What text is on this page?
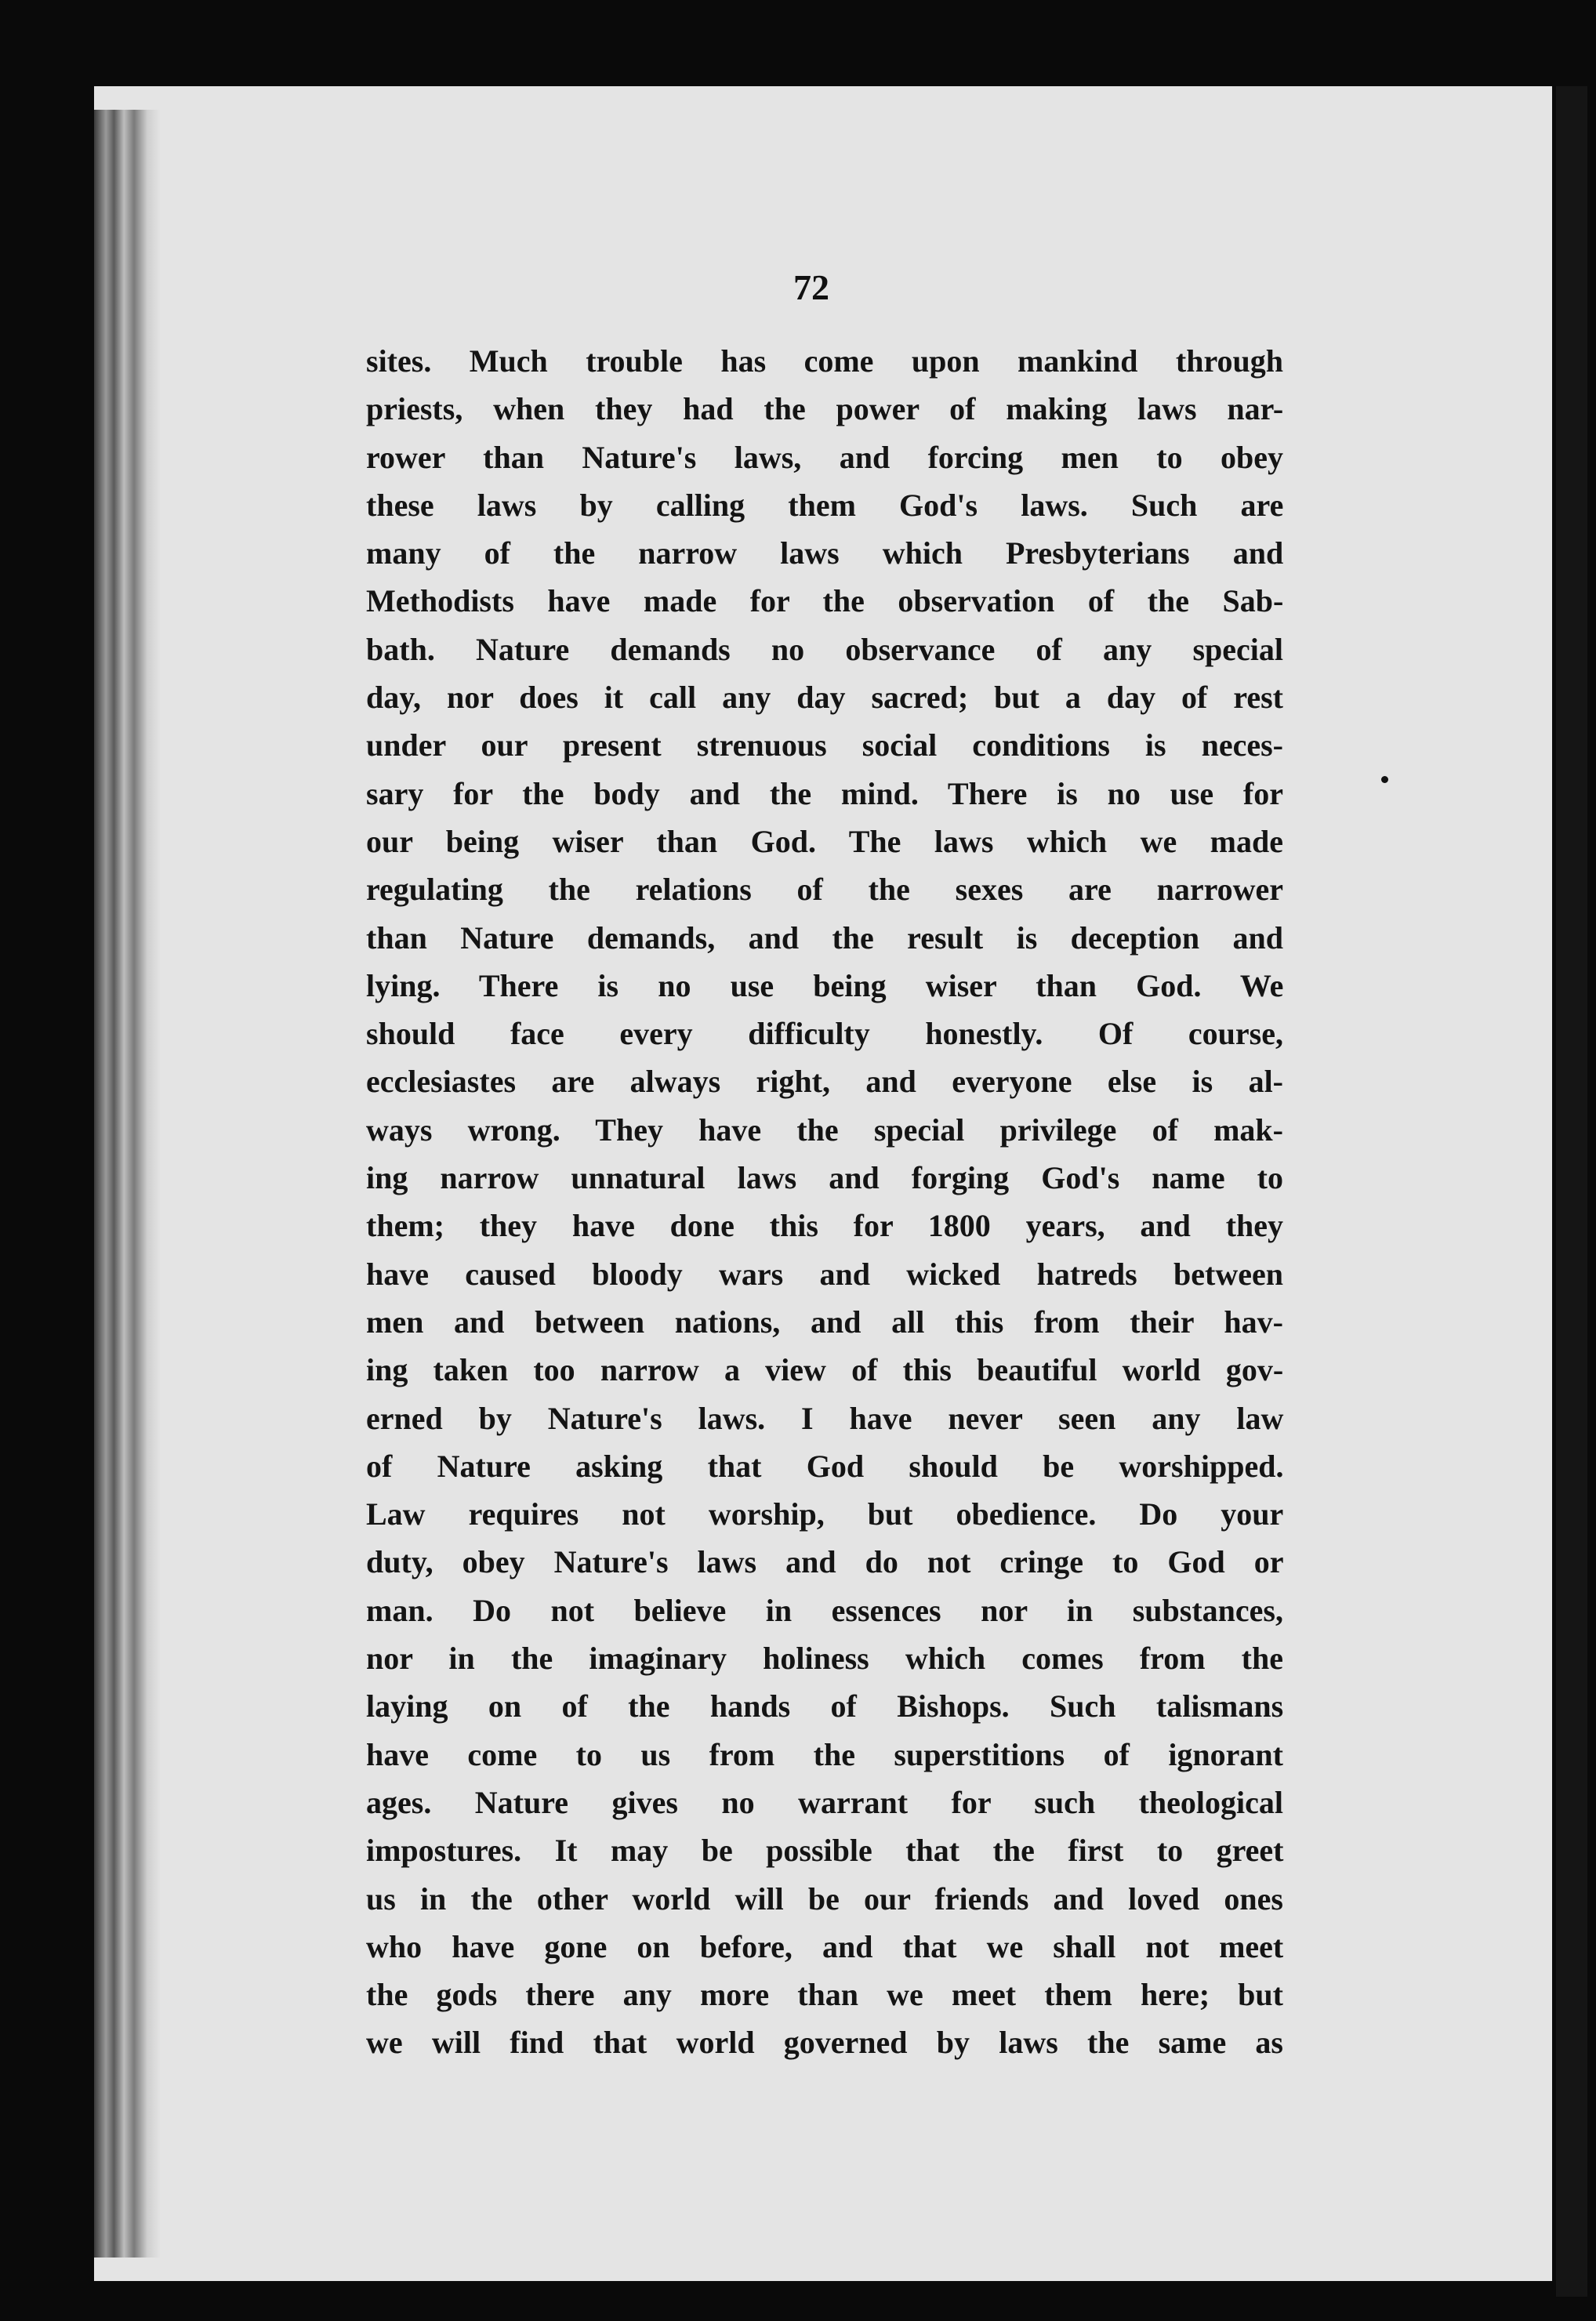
72
sites. Much trouble has come upon mankind through
priests, when they had the power of making laws nar-
rower than Nature's laws, and forcing men to obey
these laws by calling them God's laws. Such are
many of the narrow laws which Presbyterians and
Methodists have made for the observation of the Sab-
bath. Nature demands no observance of any special
day, nor does it call any day sacred; but a day of rest
under our present strenuous social conditions is neces-
sary for the body and the mind. There is no use for
our being wiser than God. The laws which we made
regulating the relations of the sexes are narrower
than Nature demands, and the result is deception and
lying. There is no use being wiser than God. We
should face every difficulty honestly. Of course,
ecclesiastes are always right, and everyone else is al-
ways wrong. They have the special privilege of mak-
ing narrow unnatural laws and forging God's name to
them; they have done this for 1800 years, and they
have caused bloody wars and wicked hatreds between
men and between nations, and all this from their hav-
ing taken too narrow a view of this beautiful world gov-
erned by Nature's laws. I have never seen any law
of Nature asking that God should be worshipped.
Law requires not worship, but obedience. Do your
duty, obey Nature's laws and do not cringe to God or
man. Do not believe in essences nor in substances,
nor in the imaginary holiness which comes from the
laying on of the hands of Bishops. Such talismans
have come to us from the superstitions of ignorant
ages. Nature gives no warrant for such theological
impostures. It may be possible that the first to greet
us in the other world will be our friends and loved ones
who have gone on before, and that we shall not meet
the gods there any more than we meet them here; but
we will find that world governed by laws the same as
